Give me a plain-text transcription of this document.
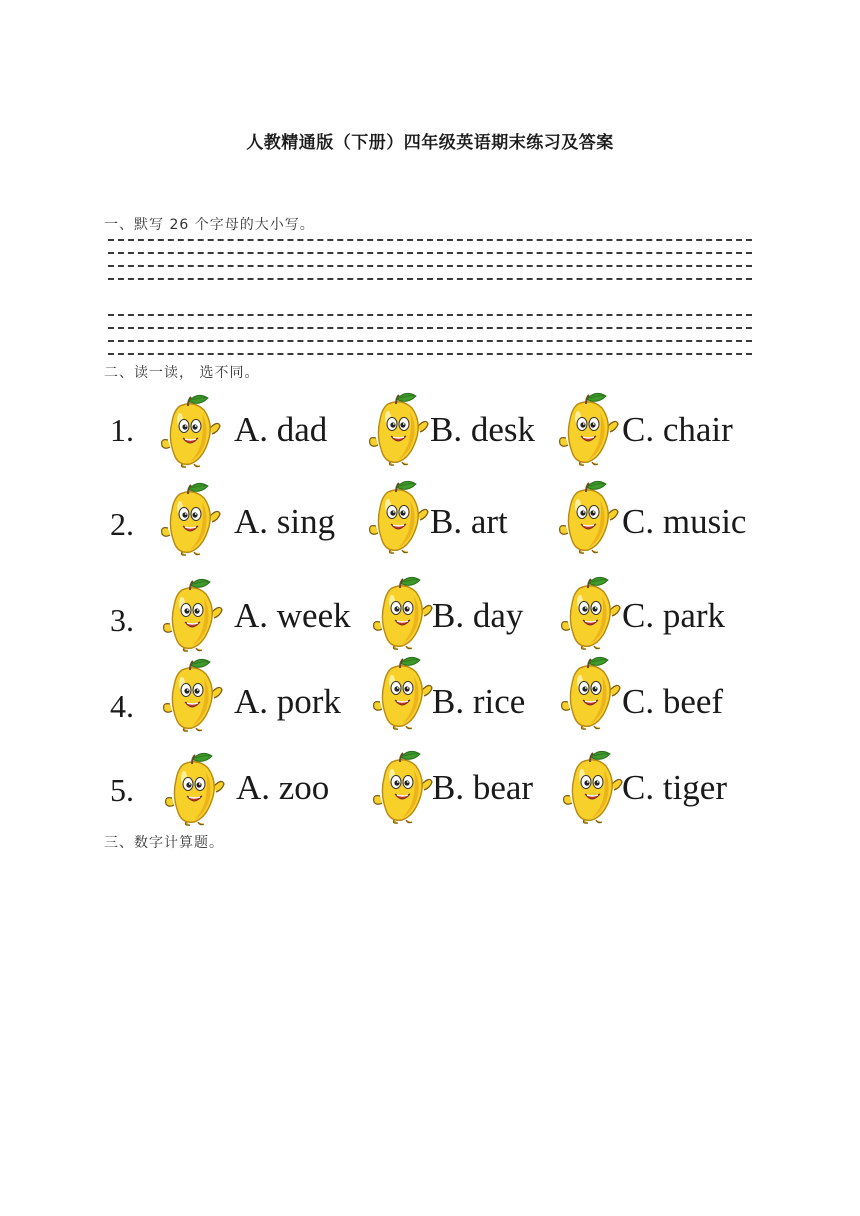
人教精通版（下册）四年级英语期末练习及答案
一、默写 26 个字母的大小写。
二、读一读， 选不同。
1.	A. dad	B. desk C. chair
2.	A. sing	B. art	C. music
3.	A. week B. day	C. park
4.	A. pork	B. rice	C. beef
5.	A. zoo	B. bear	C. tiger
三、数字计算题。
